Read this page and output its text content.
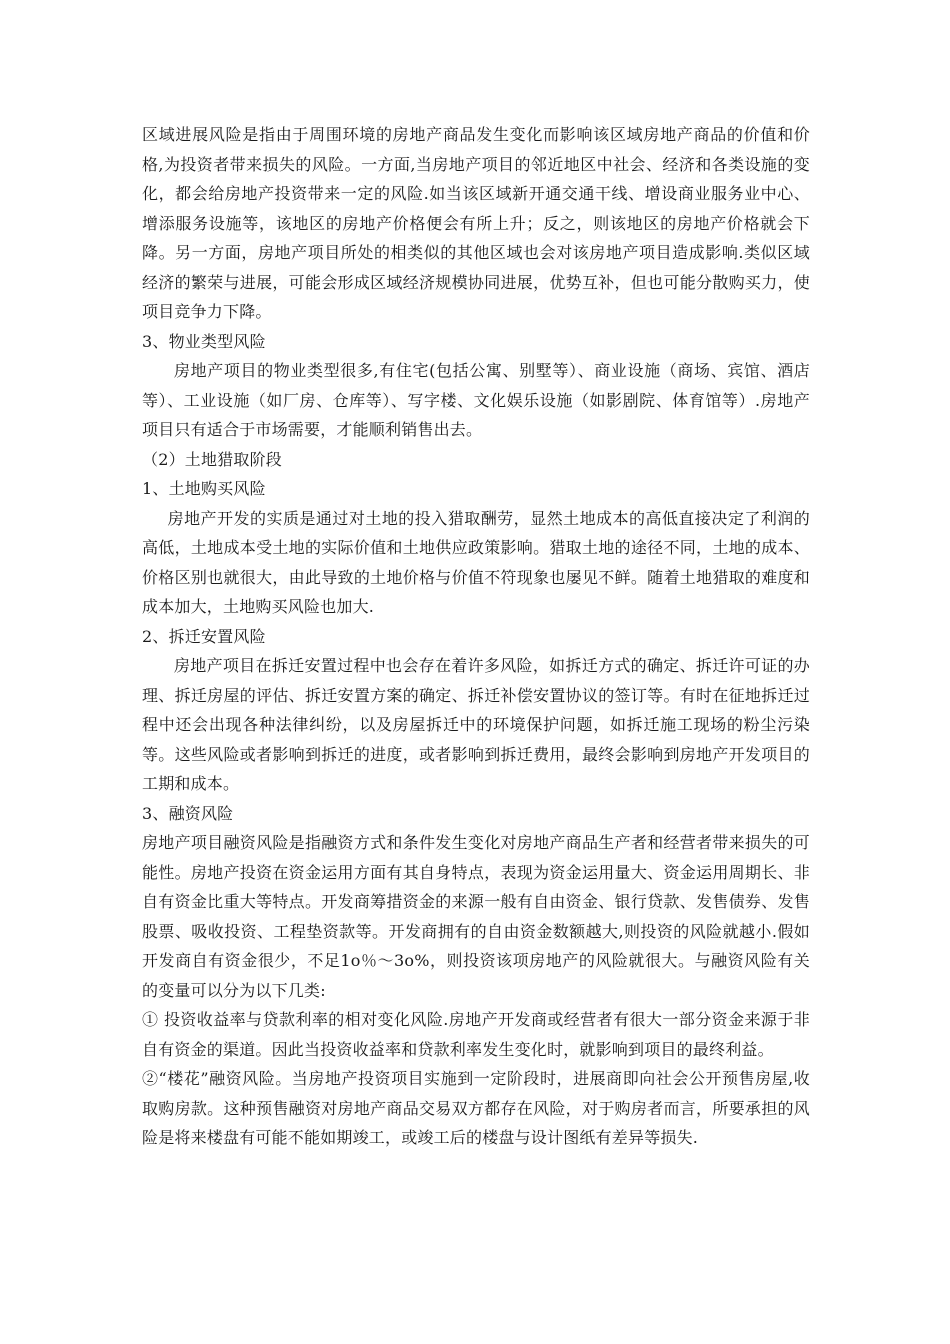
区域进展风险是指由于周围环境的房地产商品发生变化而影响该区域房地产商品的价值和价格,为投资者带来损失的风险。一方面,当房地产项目的邻近地区中社会、经济和各类设施的变化，都会给房地产投资带来一定的风险.如当该区域新开通交通干线、增设商业服务业中心、增添服务设施等，该地区的房地产价格便会有所上升；反之，则该地区的房地产价格就会下降。另一方面，房地产项目所处的相类似的其他区域也会对该房地产项目造成影响.类似区域经济的繁荣与进展，可能会形成区域经济规模协同进展，优势互补，但也可能分散购买力，使项目竞争力下降。

3、物业类型风险

房地产项目的物业类型很多,有住宅(包括公寓、别墅等）、商业设施（商场、宾馆、酒店等）、工业设施（如厂房、仓库等）、写字楼、文化娱乐设施（如影剧院、体育馆等）.房地产项目只有适合于市场需要，才能顺利销售出去。

（2）土地猎取阶段

1、土地购买风险

房地产开发的实质是通过对土地的投入猎取酬劳，显然土地成本的高低直接决定了利润的高低，土地成本受土地的实际价值和土地供应政策影响。猎取土地的途径不同，土地的成本、价格区别也就很大，由此导致的土地价格与价值不符现象也屡见不鲜。随着土地猎取的难度和成本加大，土地购买风险也加大.

2、拆迁安置风险

房地产项目在拆迁安置过程中也会存在着许多风险，如拆迁方式的确定、拆迁许可证的办理、拆迁房屋的评估、拆迁安置方案的确定、拆迁补偿安置协议的签订等。有时在征地拆迁过程中还会出现各种法律纠纷，以及房屋拆迁中的环境保护问题，如拆迁施工现场的粉尘污染等。这些风险或者影响到拆迁的进度，或者影响到拆迁费用，最终会影响到房地产开发项目的工期和成本。

3、融资风险

房地产项目融资风险是指融资方式和条件发生变化对房地产商品生产者和经营者带来损失的可能性。房地产投资在资金运用方面有其自身特点，表现为资金运用量大、资金运用周期长、非自有资金比重大等特点。开发商筹措资金的来源一般有自由资金、银行贷款、发售债券、发售股票、吸收投资、工程垫资款等。开发商拥有的自由资金数额越大,则投资的风险就越小.假如开发商自有资金很少，不足1o％～3o%，则投资该项房地产的风险就很大。与融资风险有关的变量可以分为以下几类:

① 投资收益率与贷款利率的相对变化风险.房地产开发商或经营者有很大一部分资金来源于非自有资金的渠道。因此当投资收益率和贷款利率发生变化时，就影响到项目的最终利益。

②“楼花”融资风险。当房地产投资项目实施到一定阶段时，进展商即向社会公开预售房屋,收取购房款。这种预售融资对房地产商品交易双方都存在风险，对于购房者而言，所要承担的风险是将来楼盘有可能不能如期竣工，或竣工后的楼盘与设计图纸有差异等损失.
